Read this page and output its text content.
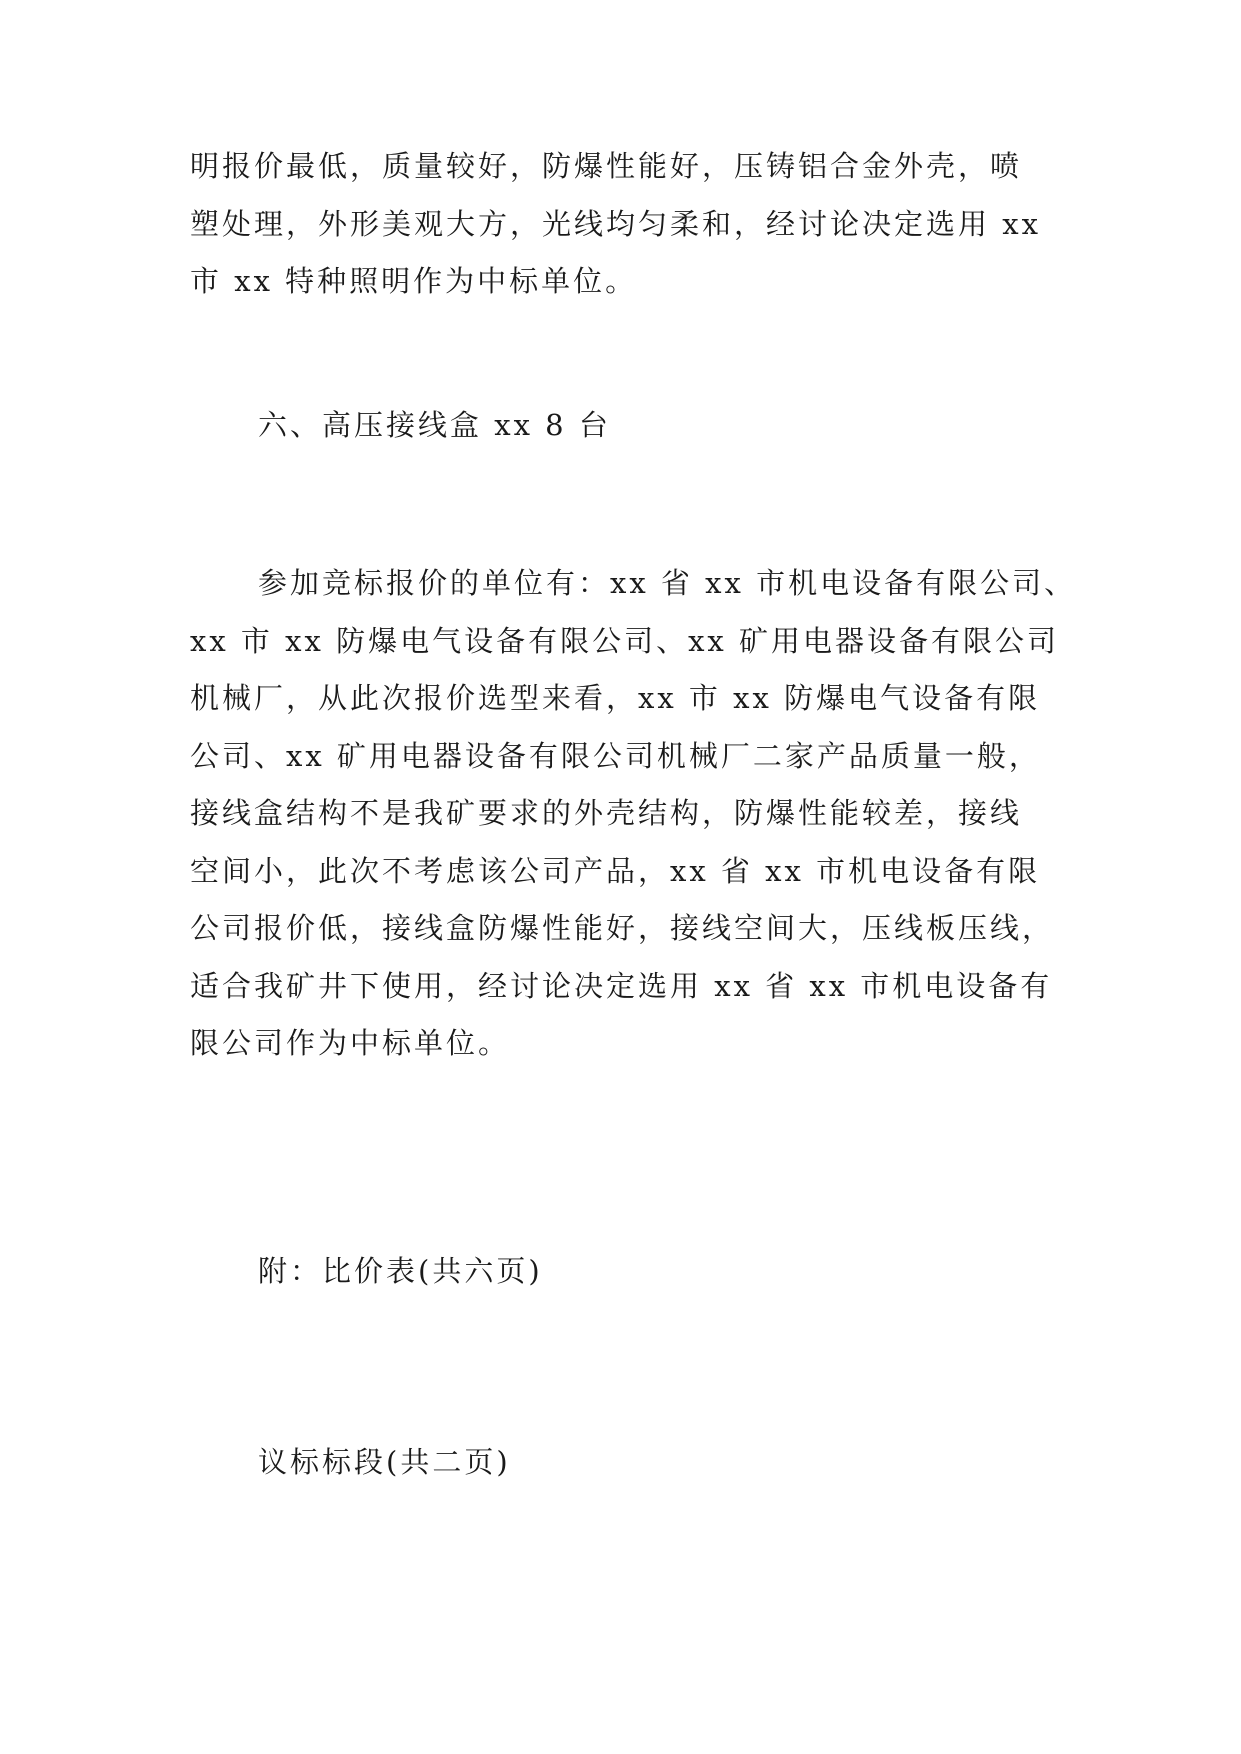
明报价最低，质量较好，防爆性能好，压铸铝合金外壳，喷
塑处理，外形美观大方，光线均匀柔和，经讨论决定选用 xx
市 xx 特种照明作为中标单位。
六、高压接线盒 xx 8 台
参加竞标报价的单位有：xx 省 xx 市机电设备有限公司、
xx 市 xx 防爆电气设备有限公司、xx 矿用电器设备有限公司
机械厂，从此次报价选型来看，xx 市 xx 防爆电气设备有限
公司、xx 矿用电器设备有限公司机械厂二家产品质量一般，
接线盒结构不是我矿要求的外壳结构，防爆性能较差，接线
空间小，此次不考虑该公司产品，xx 省 xx 市机电设备有限
公司报价低，接线盒防爆性能好，接线空间大，压线板压线，
适合我矿井下使用，经讨论决定选用 xx 省 xx 市机电设备有
限公司作为中标单位。
附：比价表(共六页)
议标标段(共二页)
